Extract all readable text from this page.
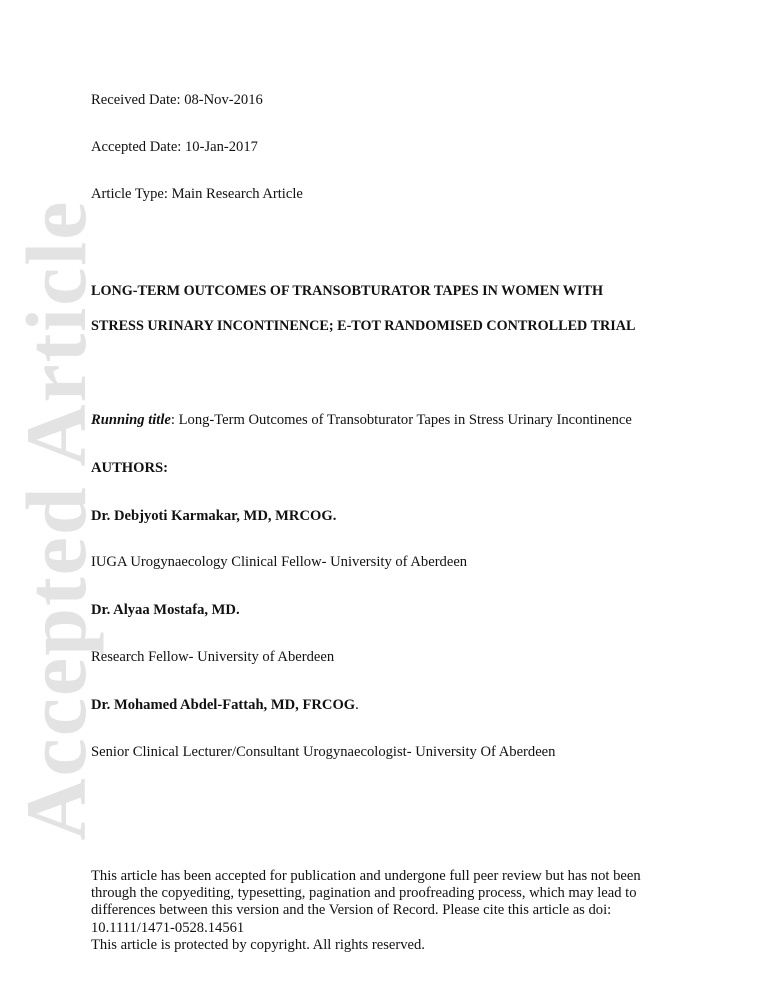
Accepted Article
Received Date: 08-Nov-2016
Accepted Date: 10-Jan-2017
Article Type: Main Research Article
LONG-TERM OUTCOMES OF TRANSOBTURATOR TAPES IN WOMEN WITH
STRESS URINARY INCONTINENCE; E-TOT RANDOMISED CONTROLLED TRIAL
Running title: Long-Term Outcomes of Transobturator Tapes in Stress Urinary Incontinence
AUTHORS:
Dr. Debjyoti Karmakar, MD, MRCOG.
IUGA Urogynaecology Clinical Fellow- University of Aberdeen
Dr. Alyaa Mostafa, MD.
Research Fellow- University of Aberdeen
Dr. Mohamed Abdel-Fattah, MD, FRCOG.
Senior Clinical Lecturer/Consultant Urogynaecologist- University Of Aberdeen
This article has been accepted for publication and undergone full peer review but has not been
through the copyediting, typesetting, pagination and proofreading process, which may lead to
differences between this version and the Version of Record. Please cite this article as doi:
10.1111/1471-0528.14561
This article is protected by copyright. All rights reserved.
